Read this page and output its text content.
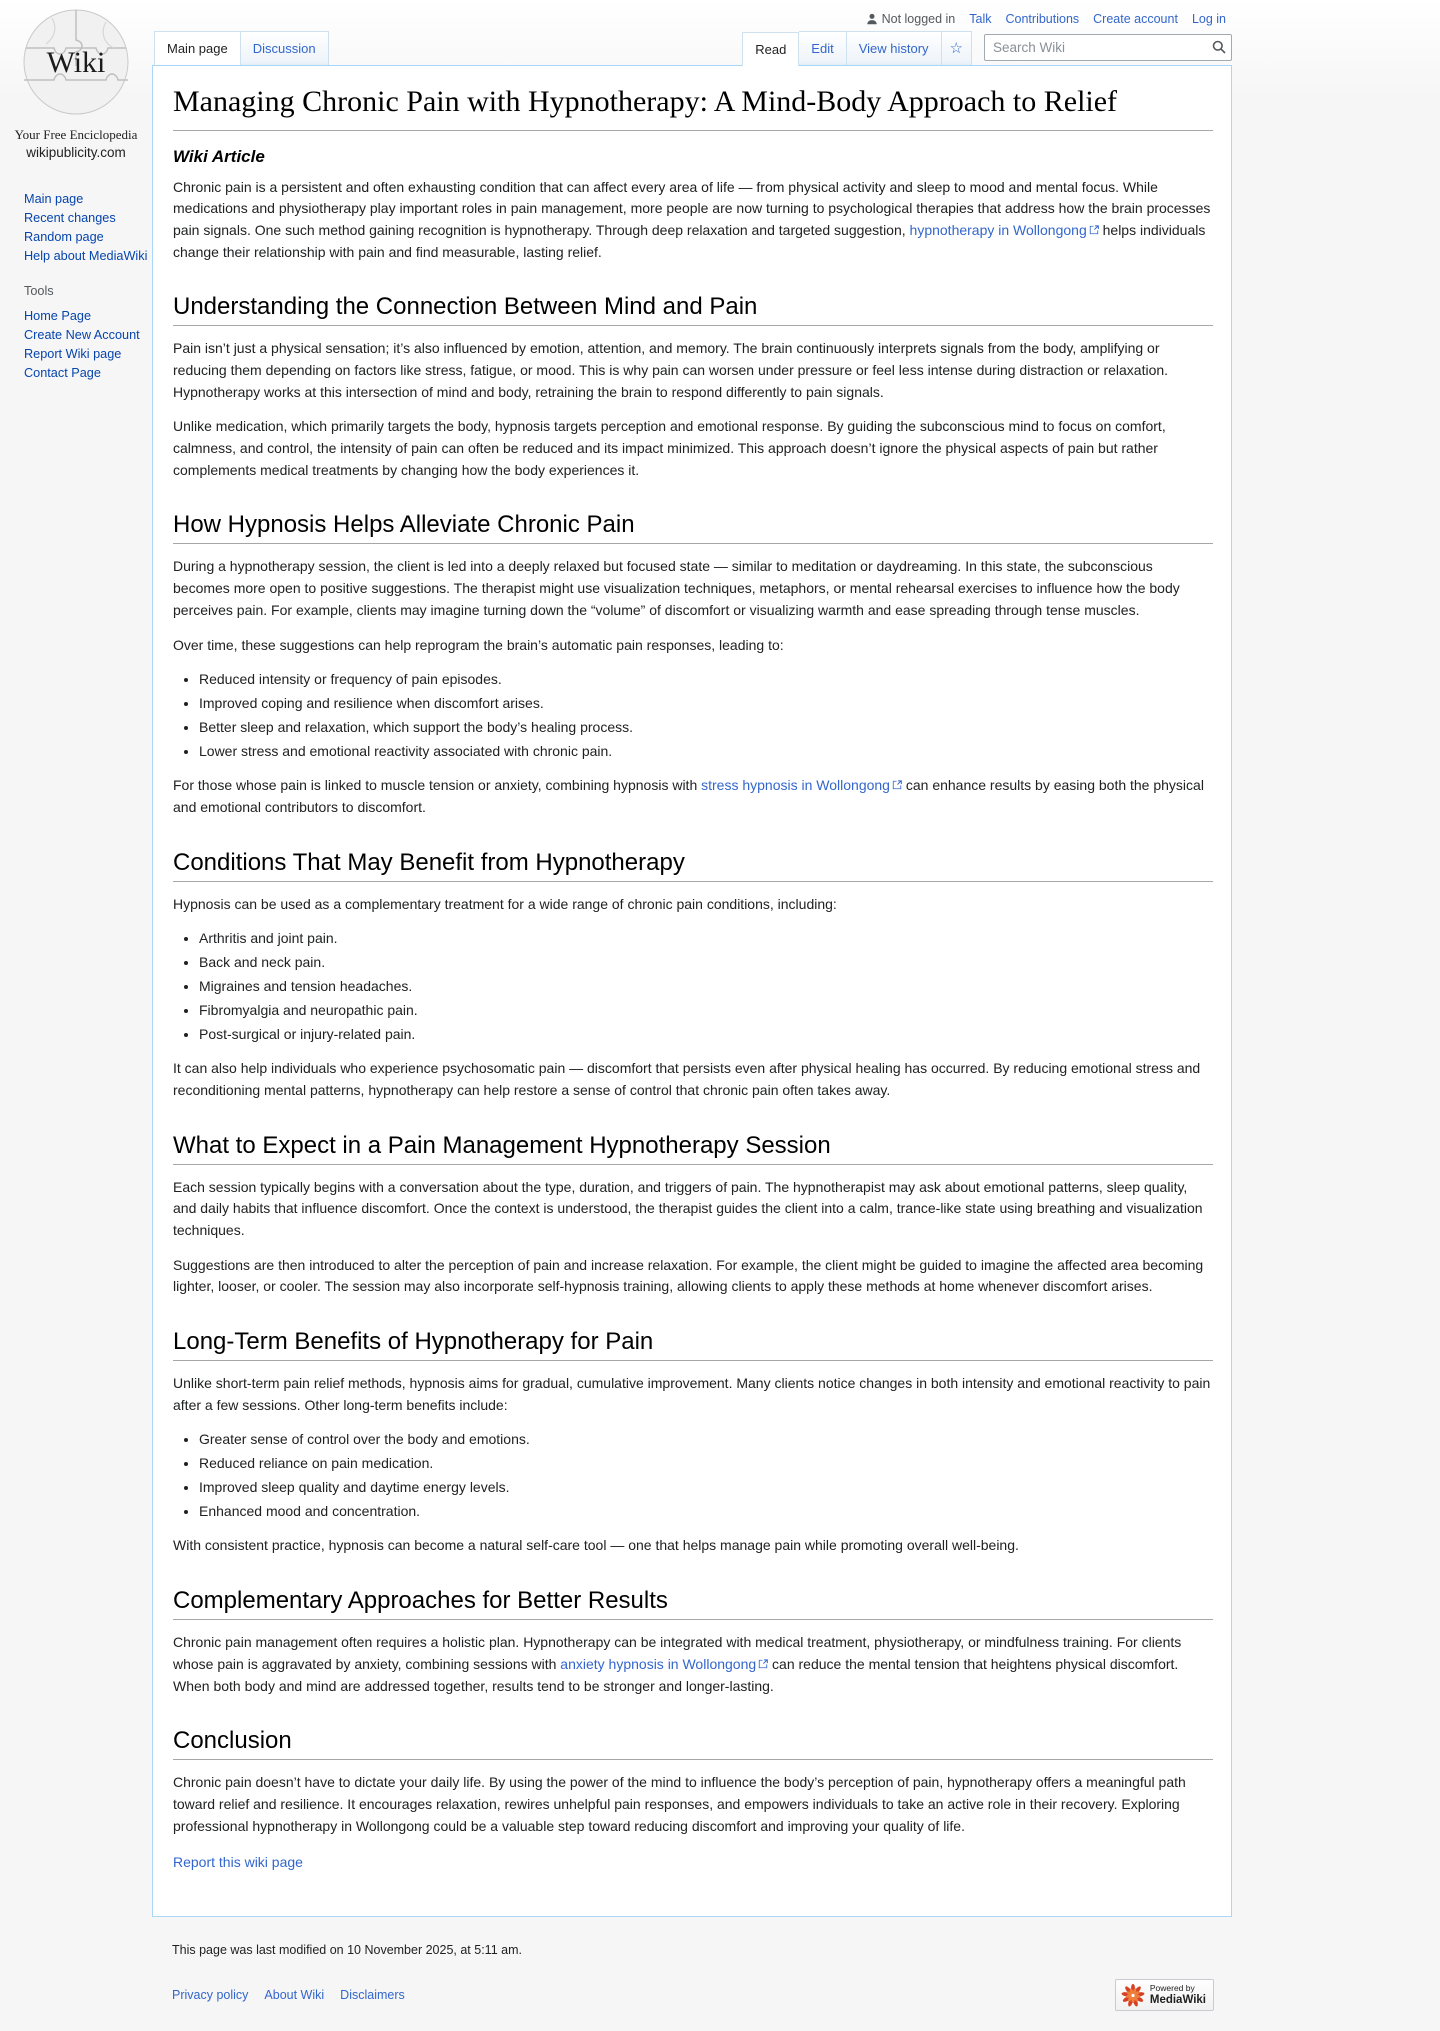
Wiki
Your Free Enciclopedia
wikipublicity.com
Main page
Recent changes
Random page
Help about MediaWiki
Tools
Home Page
Create New Account
Report Wiki page
Contact Page
Not logged in Talk Contributions Create account Log in
Main page	Discussion	Read	Edit	View history	☆
Search Wiki
Managing Chronic Pain with Hypnotherapy: A Mind-Body Approach to Relief
Wiki Article

Chronic pain is a persistent and often exhausting condition that can affect every area of life — from physical activity and sleep to mood and mental focus. While medications and physiotherapy play important roles in pain management, more people are now turning to psychological therapies that address how the brain processes pain signals. One such method gaining recognition is hypnotherapy. Through deep relaxation and targeted suggestion, hypnotherapy in Wollongong helps individuals change their relationship with pain and find measurable, lasting relief.

Understanding the Connection Between Mind and Pain

Pain isn’t just a physical sensation; it’s also influenced by emotion, attention, and memory. The brain continuously interprets signals from the body, amplifying or reducing them depending on factors like stress, fatigue, or mood. This is why pain can worsen under pressure or feel less intense during distraction or relaxation. Hypnotherapy works at this intersection of mind and body, retraining the brain to respond differently to pain signals.

Unlike medication, which primarily targets the body, hypnosis targets perception and emotional response. By guiding the subconscious mind to focus on comfort, calmness, and control, the intensity of pain can often be reduced and its impact minimized. This approach doesn’t ignore the physical aspects of pain but rather complements medical treatments by changing how the body experiences it.

How Hypnosis Helps Alleviate Chronic Pain

During a hypnotherapy session, the client is led into a deeply relaxed but focused state — similar to meditation or daydreaming. In this state, the subconscious becomes more open to positive suggestions. The therapist might use visualization techniques, metaphors, or mental rehearsal exercises to influence how the body perceives pain. For example, clients may imagine turning down the “volume” of discomfort or visualizing warmth and ease spreading through tense muscles.

Over time, these suggestions can help reprogram the brain’s automatic pain responses, leading to:

• Reduced intensity or frequency of pain episodes.
• Improved coping and resilience when discomfort arises.
• Better sleep and relaxation, which support the body’s healing process.
• Lower stress and emotional reactivity associated with chronic pain.

For those whose pain is linked to muscle tension or anxiety, combining hypnosis with stress hypnosis in Wollongong can enhance results by easing both the physical and emotional contributors to discomfort.

Conditions That May Benefit from Hypnotherapy

Hypnosis can be used as a complementary treatment for a wide range of chronic pain conditions, including:

• Arthritis and joint pain.
• Back and neck pain.
• Migraines and tension headaches.
• Fibromyalgia and neuropathic pain.
• Post-surgical or injury-related pain.

It can also help individuals who experience psychosomatic pain — discomfort that persists even after physical healing has occurred. By reducing emotional stress and reconditioning mental patterns, hypnotherapy can help restore a sense of control that chronic pain often takes away.

What to Expect in a Pain Management Hypnotherapy Session

Each session typically begins with a conversation about the type, duration, and triggers of pain. The hypnotherapist may ask about emotional patterns, sleep quality, and daily habits that influence discomfort. Once the context is understood, the therapist guides the client into a calm, trance-like state using breathing and visualization techniques.

Suggestions are then introduced to alter the perception of pain and increase relaxation. For example, the client might be guided to imagine the affected area becoming lighter, looser, or cooler. The session may also incorporate self-hypnosis training, allowing clients to apply these methods at home whenever discomfort arises.

Long-Term Benefits of Hypnotherapy for Pain

Unlike short-term pain relief methods, hypnosis aims for gradual, cumulative improvement. Many clients notice changes in both intensity and emotional reactivity to pain after a few sessions. Other long-term benefits include:

• Greater sense of control over the body and emotions.
• Reduced reliance on pain medication.
• Improved sleep quality and daytime energy levels.
• Enhanced mood and concentration.

With consistent practice, hypnosis can become a natural self-care tool — one that helps manage pain while promoting overall well-being.

Complementary Approaches for Better Results

Chronic pain management often requires a holistic plan. Hypnotherapy can be integrated with medical treatment, physiotherapy, or mindfulness training. For clients whose pain is aggravated by anxiety, combining sessions with anxiety hypnosis in Wollongong can reduce the mental tension that heightens physical discomfort. When both body and mind are addressed together, results tend to be stronger and longer-lasting.

Conclusion

Chronic pain doesn’t have to dictate your daily life. By using the power of the mind to influence the body’s perception of pain, hypnotherapy offers a meaningful path toward relief and resilience. It encourages relaxation, rewires unhelpful pain responses, and empowers individuals to take an active role in their recovery. Exploring professional hypnotherapy in Wollongong could be a valuable step toward reducing discomfort and improving your quality of life.

Report this wiki page
This page was last modified on 10 November 2025, at 5:11 am.
Privacy policy About Wiki Disclaimers
Powered by
MediaWiki
